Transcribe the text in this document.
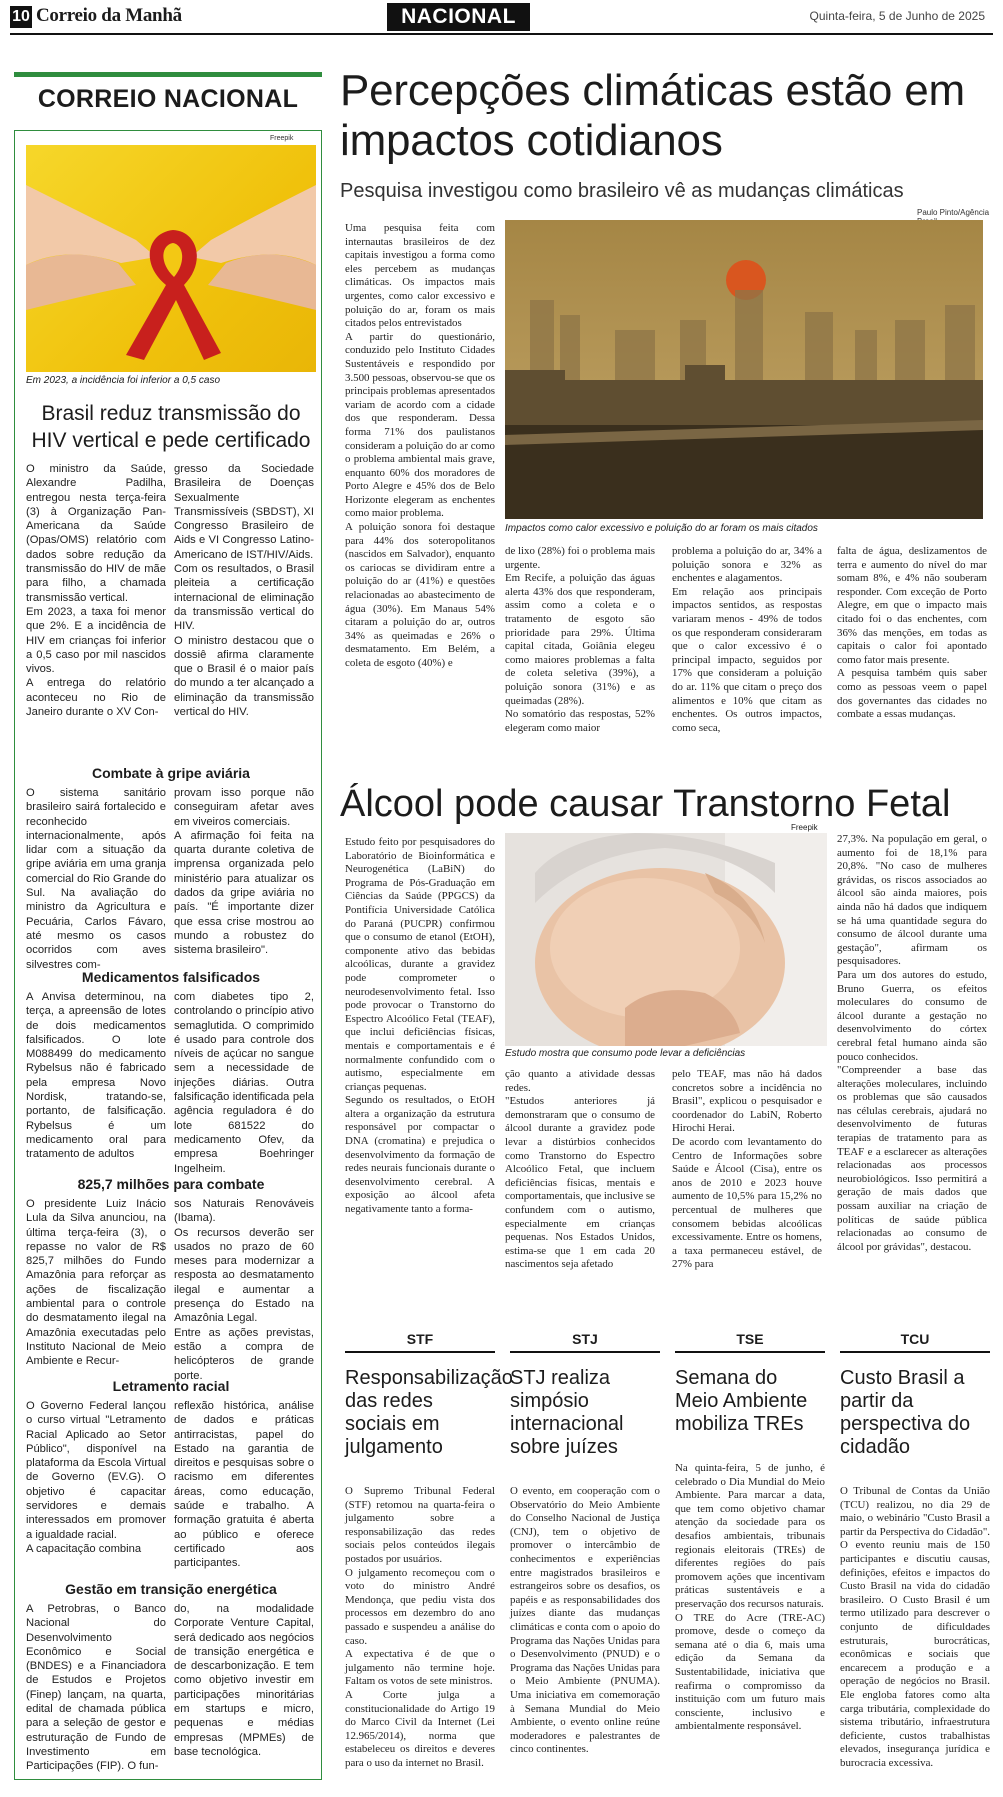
10 Correio da Manhã	NACIONAL	Quinta-feira, 5 de Junho de 2025
CORREIO NACIONAL
Freepik
Em 2023, a incidência foi inferior a 0,5 caso
Brasil reduz transmissão do HIV vertical e pede certificado
O ministro da Saúde, Alexandre Padilha, entregou nesta terça-feira (3) à Organização Pan-Americana da Saúde (Opas/OMS) relatório com dados sobre redução da transmissão do HIV de mãe para filho, a chamada transmissão vertical.
Em 2023, a taxa foi menor que 2%. E a incidência de HIV em crianças foi inferior a 0,5 caso por mil nascidos vivos.
A entrega do relatório aconteceu no Rio de Janeiro durante o XV Con-
gresso da Sociedade Brasileira de Doenças Sexualmente Transmissíveis (SBDST), XI Congresso Brasileiro de Aids e VI Congresso Latino-Americano de IST/HIV/Aids.
Com os resultados, o Brasil pleiteia a certificação internacional de eliminação da transmissão vertical do HIV.
O ministro destacou que o dossiê afirma claramente que o Brasil é o maior país do mundo a ter alcançado a eliminação da transmissão vertical do HIV.
Combate à gripe aviária
O sistema sanitário brasileiro sairá fortalecido e reconhecido internacionalmente, após lidar com a situação da gripe aviária em uma granja comercial do Rio Grande do Sul. Na avaliação do ministro da Agricultura e Pecuária, Carlos Fávaro, até mesmo os casos ocorridos com aves silvestres com-
provam isso porque não conseguiram afetar aves em viveiros comerciais.
A afirmação foi feita na quarta durante coletiva de imprensa organizada pelo ministério para atualizar os dados da gripe aviária no país. "É importante dizer que essa crise mostrou ao mundo a robustez do sistema brasileiro".
Medicamentos falsificados
A Anvisa determinou, na terça, a apreensão de lotes de dois medicamentos falsificados. O lote M088499 do medicamento Rybelsus não é fabricado pela empresa Novo Nordisk, tratando-se, portanto, de falsificação. Rybelsus é um medicamento oral para tratamento de adultos
com diabetes tipo 2, controlando o princípio ativo semaglutida. O comprimido é usado para controle dos níveis de açúcar no sangue sem a necessidade de injeções diárias. Outra falsificação identificada pela agência reguladora é do lote 681522 do medicamento Ofev, da empresa Boehringer Ingelheim.
825,7 milhões para combate
O presidente Luiz Inácio Lula da Silva anunciou, na última terça-feira (3), o repasse no valor de R$ 825,7 milhões do Fundo Amazônia para reforçar as ações de fiscalização ambiental para o controle do desmatamento ilegal na Amazônia executadas pelo Instituto Nacional de Meio Ambiente e Recur-
sos Naturais Renováveis (Ibama).
Os recursos deverão ser usados no prazo de 60 meses para modernizar a resposta ao desmatamento ilegal e aumentar a presença do Estado na Amazônia Legal.
Entre as ações previstas, estão a compra de helicópteros de grande porte.
Letramento racial
O Governo Federal lançou o curso virtual "Letramento Racial Aplicado ao Setor Público", disponível na plataforma da Escola Virtual de Governo (EV.G). O objetivo é capacitar servidores e demais interessados em promover a igualdade racial.
A capacitação combina
reflexão histórica, análise de dados e práticas antirracistas, papel do Estado na garantia de direitos e pesquisas sobre o racismo em diferentes áreas, como educação, saúde e trabalho. A formação gratuita é aberta ao público e oferece certificado aos participantes.
Gestão em transição energética
A Petrobras, o Banco Nacional do Desenvolvimento Econômico e Social (BNDES) e a Financiadora de Estudos e Projetos (Finep) lançam, na quarta, edital de chamada pública para a seleção de gestor e estruturação de Fundo de Investimento em Participações (FIP). O fun-
do, na modalidade Corporate Venture Capital, será dedicado aos negócios de transição energética e de descarbonização. E tem como objetivo investir em participações minoritárias em startups e micro, pequenas e médias empresas (MPMEs) de base tecnológica.
Percepções climáticas estão em impactos cotidianos
Pesquisa investigou como brasileiro vê as mudanças climáticas
Paulo Pinto/Agência
Uma pesquisa feita com internautas brasileiros de dez capitais investigou a forma como eles percebem as mudanças climáticas. Os impactos mais urgentes, como calor excessivo e poluição do ar, foram os mais citados pelos entrevistados
A partir do questionário, conduzido pelo Instituto Cidades Sustentáveis e respondido por 3.500 pessoas, observou-se que os principais problemas apresentados variam de acordo com a cidade dos que responderam. Dessa forma 71% dos paulistanos consideram a poluição do ar como o problema ambiental mais grave, enquanto 60% dos moradores de Porto Alegre e 45% dos de Belo Horizonte elegeram as enchentes como maior problema.
A poluição sonora foi destaque para 44% dos soteropolitanos (nascidos em Salvador), enquanto os cariocas se dividiram entre a poluição do ar (41%) e questões relacionadas ao abastecimento de água (30%). Em Manaus 54% citaram a poluição do ar, outros 34% as queimadas e 26% o desmatamento. Em Belém, a coleta de esgoto (40%) e
Impactos como calor excessivo e poluição do ar foram os mais citados
de lixo (28%) foi o problema mais urgente.
Em Recife, a poluição das águas alerta 43% dos que responderam, assim como a coleta e o tratamento de esgoto são prioridade para 29%. Última capital citada, Goiânia elegeu como maiores problemas a falta de coleta seletiva (39%), a poluição sonora (31%) e as queimadas (28%).
No somatório das respostas, 52% elegeram como maior
problema a poluição do ar, 34% a poluição sonora e 32% as enchentes e alagamentos.
Em relação aos principais impactos sentidos, as respostas variaram menos - 49% de todos os que responderam consideraram que o calor excessivo é o principal impacto, seguidos por 17% que consideram a poluição do ar. 11% que citam o preço dos alimentos e 10% que citam as enchentes. Os outros impactos, como seca,
falta de água, deslizamentos de terra e aumento do nível do mar somam 8%, e 4% não souberam responder. Com exceção de Porto Alegre, em que o impacto mais citado foi o das enchentes, com 36% das menções, em todas as capitais o calor foi apontado como fator mais presente.
A pesquisa também quis saber como as pessoas veem o papel dos governantes das cidades no combate a essas mudanças.
Álcool pode causar Transtorno Fetal
Freepik
Estudo feito por pesquisadores do Laboratório de Bioinformática e Neurogenética (LaBiN) do Programa de Pós-Graduação em Ciências da Saúde (PPGCS) da Pontifícia Universidade Católica do Paraná (PUCPR) confirmou que o consumo de etanol (EtOH), componente ativo das bebidas alcoólicas, durante a gravidez pode comprometer o neurodesenvolvimento fetal. Isso pode provocar o Transtorno do Espectro Alcoólico Fetal (TEAF), que inclui deficiências físicas, mentais e comportamentais e é normalmente confundido com o autismo, especialmente em crianças pequenas.
Segundo os resultados, o EtOH altera a organização da estrutura responsável por compactar o DNA (cromatina) e prejudica o desenvolvimento da formação de redes neurais funcionais durante o desenvolvimento cerebral. A exposição ao álcool afeta negativamente tanto a forma-
Estudo mostra que consumo pode levar a deficiências
ção quanto a atividade dessas redes.
"Estudos anteriores já demonstraram que o consumo de álcool durante a gravidez pode levar a distúrbios conhecidos como Transtorno do Espectro Alcoólico Fetal, que incluem deficiências físicas, mentais e comportamentais, que inclusive se confundem com o autismo, especialmente em crianças pequenas. Nos Estados Unidos, estima-se que 1 em cada 20 nascimentos seja afetado
pelo TEAF, mas não há dados concretos sobre a incidência no Brasil", explicou o pesquisador e coordenador do LabiN, Roberto Hirochi Herai.
De acordo com levantamento do Centro de Informações sobre Saúde e Álcool (Cisa), entre os anos de 2010 e 2023 houve aumento de 10,5% para 15,2% no percentual de mulheres que consomem bebidas alcoólicas excessivamente. Entre os homens, a taxa permaneceu estável, de 27% para
27,3%. Na população em geral, o aumento foi de 18,1% para 20,8%. "No caso de mulheres grávidas, os riscos associados ao álcool são ainda maiores, pois ainda não há dados que indiquem se há uma quantidade segura do consumo de álcool durante uma gestação", afirmam os pesquisadores.
Para um dos autores do estudo, Bruno Guerra, os efeitos moleculares do consumo de álcool durante a gestação no desenvolvimento do córtex cerebral fetal humano ainda são pouco conhecidos.
"Compreender a base das alterações moleculares, incluindo os problemas que são causados nas células cerebrais, ajudará no desenvolvimento de futuras terapias de tratamento para as TEAF e a esclarecer as alterações relacionadas aos processos neurobiológicos. Isso permitirá a geração de mais dados que possam auxiliar na criação de políticas de saúde pública relacionadas ao consumo de álcool por grávidas", destacou.
STF
Responsabilização das redes sociais em julgamento
O Supremo Tribunal Federal (STF) retomou na quarta-feira o julgamento sobre a responsabilização das redes sociais pelos conteúdos ilegais postados por usuários.
O julgamento recomeçou com o voto do ministro André Mendonça, que pediu vista dos processos em dezembro do ano passado e suspendeu a análise do caso.
A expectativa é de que o julgamento não termine hoje. Faltam os votos de sete ministros.
A Corte julga a constitucionalidade do Artigo 19 do Marco Civil da Internet (Lei 12.965/2014), norma que estabeleceu os direitos e deveres para o uso da internet no Brasil.
STJ
STJ realiza simpósio internacional sobre juízes
O evento, em cooperação com o Observatório do Meio Ambiente do Conselho Nacional de Justiça (CNJ), tem o objetivo de promover o intercâmbio de conhecimentos e experiências entre magistrados brasileiros e estrangeiros sobre os desafios, os papéis e as responsabilidades dos juízes diante das mudanças climáticas e conta com o apoio do Programa das Nações Unidas para o Desenvolvimento (PNUD) e o Programa das Nações Unidas para o Meio Ambiente (PNUMA). Uma iniciativa em comemoração à Semana Mundial do Meio Ambiente, o evento online reúne moderadores e palestrantes de cinco continentes.
TSE
Semana do Meio Ambiente mobiliza TREs
Na quinta-feira, 5 de junho, é celebrado o Dia Mundial do Meio Ambiente. Para marcar a data, que tem como objetivo chamar atenção da sociedade para os desafios ambientais, tribunais regionais eleitorais (TREs) de diferentes regiões do país promovem ações que incentivam práticas sustentáveis e a preservação dos recursos naturais.
O TRE do Acre (TRE-AC) promove, desde o começo da semana até o dia 6, mais uma edição da Semana da Sustentabilidade, iniciativa que reafirma o compromisso da instituição com um futuro mais consciente, inclusivo e ambientalmente responsável.
TCU
Custo Brasil a partir da perspectiva do cidadão
O Tribunal de Contas da União (TCU) realizou, no dia 29 de maio, o webinário "Custo Brasil a partir da Perspectiva do Cidadão". O evento reuniu mais de 150 participantes e discutiu causas, definições, efeitos e impactos do Custo Brasil na vida do cidadão brasileiro. O Custo Brasil é um termo utilizado para descrever o conjunto de dificuldades estruturais, burocráticas, econômicas e sociais que encarecem a produção e a operação de negócios no Brasil. Ele engloba fatores como alta carga tributária, complexidade do sistema tributário, infraestrutura deficiente, custos trabalhistas elevados, insegurança jurídica e burocracia excessiva.
